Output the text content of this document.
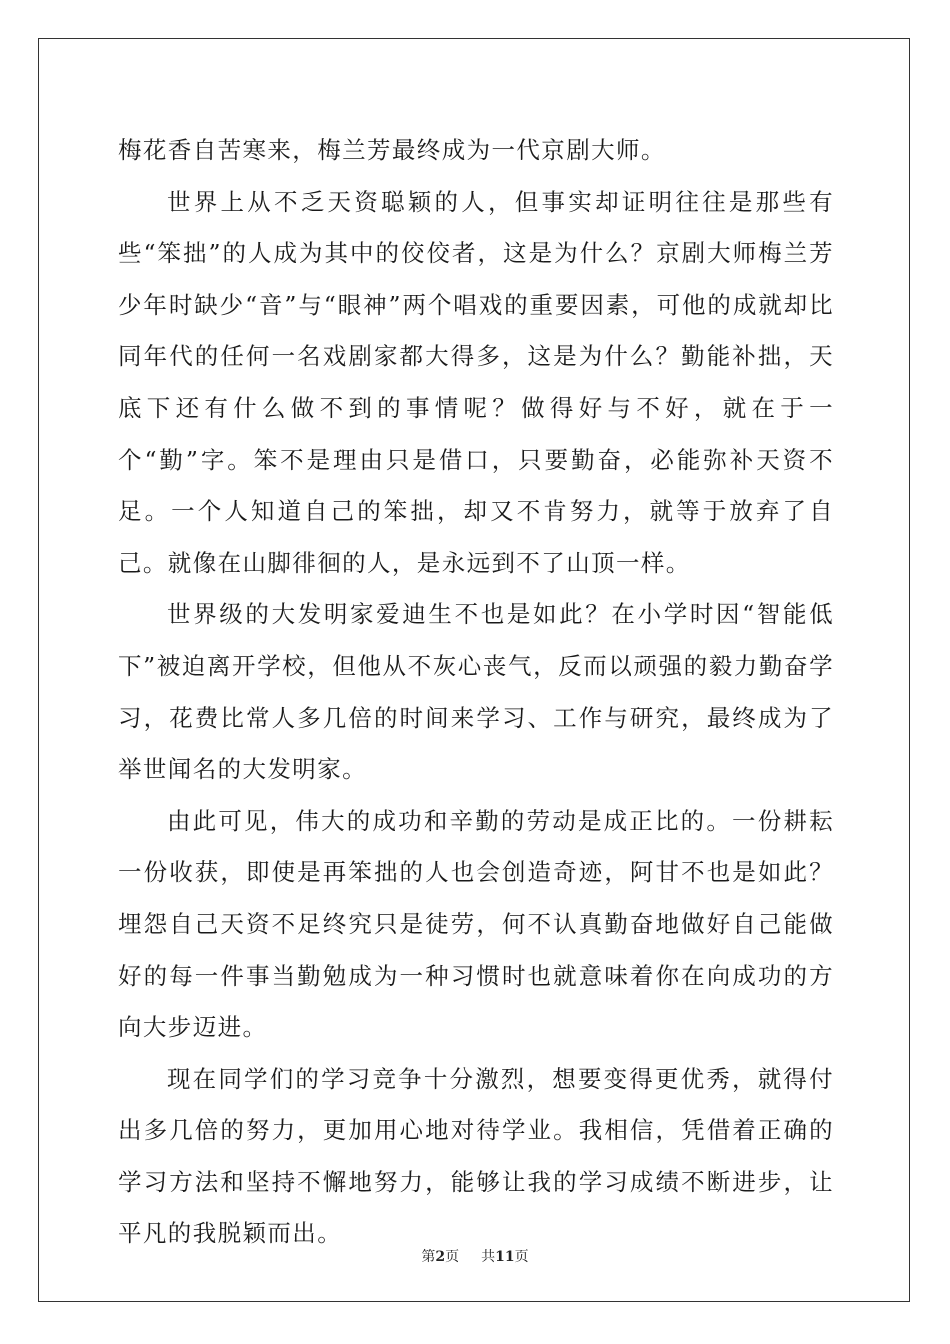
梅花香自苦寒来，梅兰芳最终成为一代京剧大师。

世界上从不乏天资聪颖的人，但事实却证明往往是那些有些“笨拙”的人成为其中的佼佼者，这是为什么？京剧大师梅兰芳少年时缺少“音”与“眼神”两个唱戏的重要因素，可他的成就却比同年代的任何一名戏剧家都大得多，这是为什么？勤能补拙，天底下还有什么做不到的事情呢？做得好与不好，就在于一个“勤”字。笨不是理由只是借口，只要勤奋，必能弥补天资不足。一个人知道自己的笨拙，却又不肯努力，就等于放弃了自己。就像在山脚徘徊的人，是永远到不了山顶一样。

世界级的大发明家爱迪生不也是如此？在小学时因“智能低下”被迫离开学校，但他从不灰心丧气，反而以顽强的毅力勤奋学习，花费比常人多几倍的时间来学习、工作与研究，最终成为了举世闻名的大发明家。

由此可见，伟大的成功和辛勤的劳动是成正比的。一份耕耘一份收获，即使是再笨拙的人也会创造奇迹，阿甘不也是如此？埋怨自己天资不足终究只是徒劳，何不认真勤奋地做好自己能做好的每一件事当勤勉成为一种习惯时也就意味着你在向成功的方向大步迈进。

现在同学们的学习竞争十分激烈，想要变得更优秀，就得付出多几倍的努力，更加用心地对待学业。我相信，凭借着正确的学习方法和坚持不懈地努力，能够让我的学习成绩不断进步，让平凡的我脱颖而出。

第2页 共11页
